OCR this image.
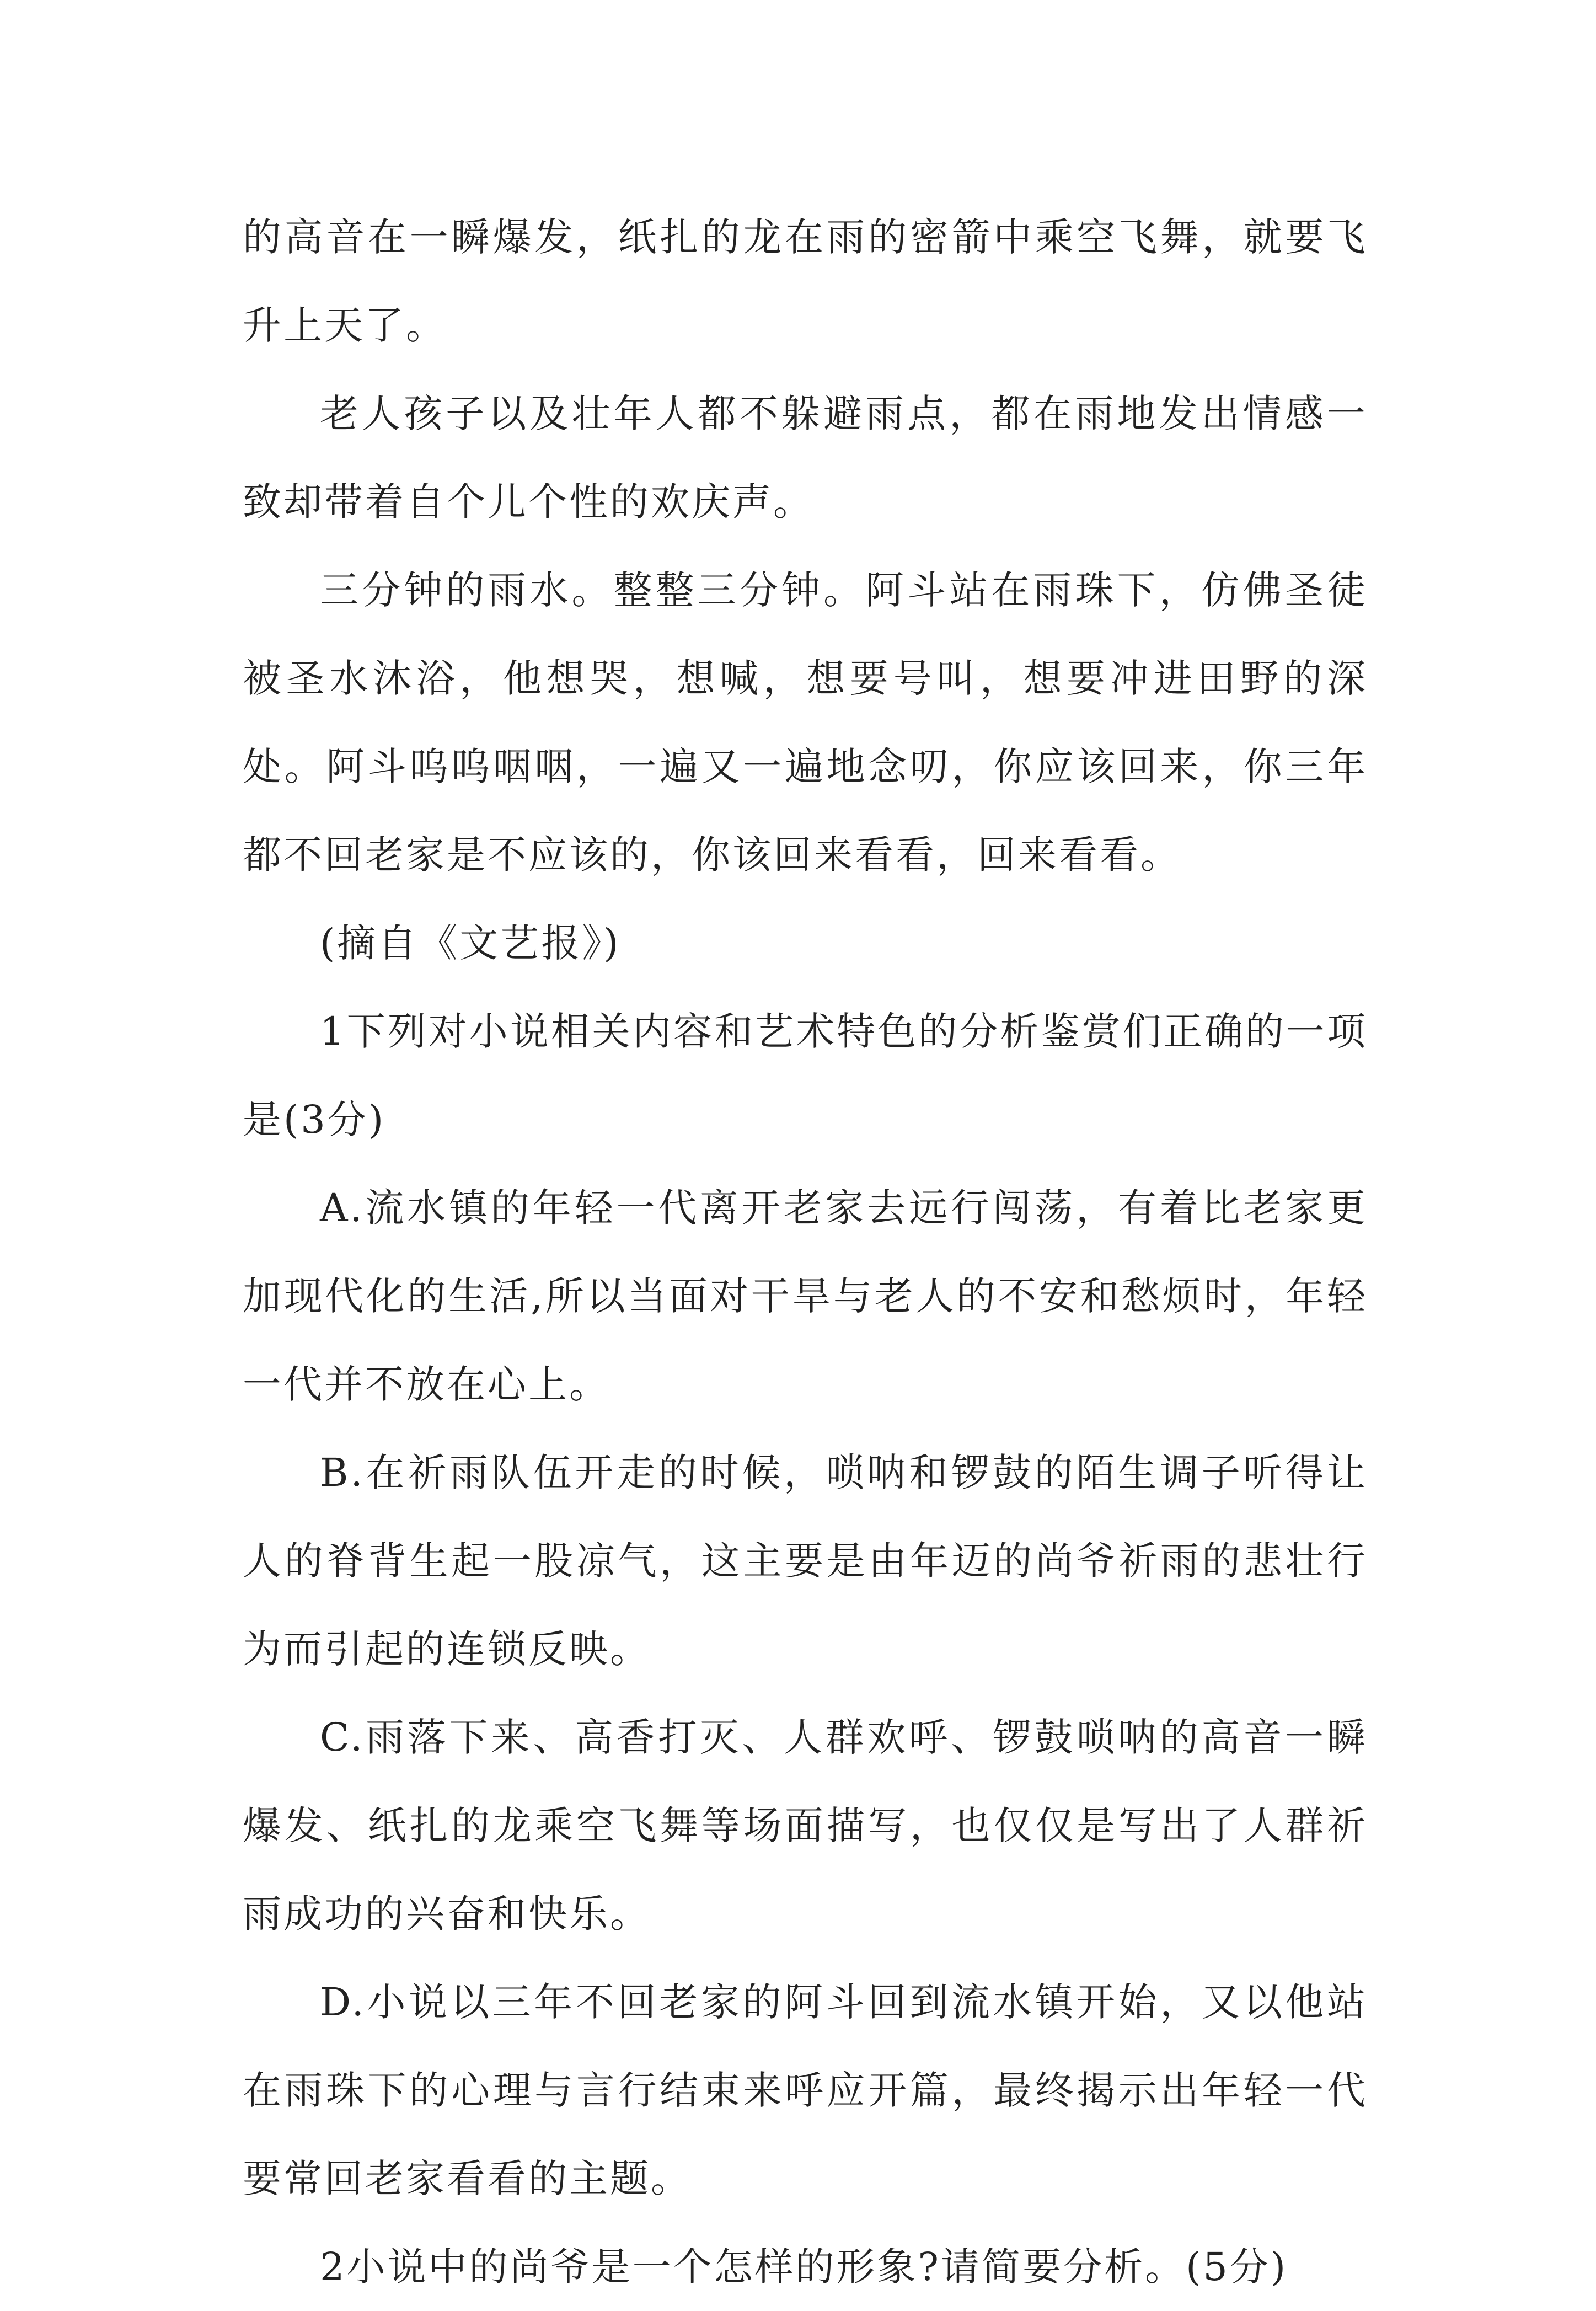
的高音在一瞬爆发，纸扎的龙在雨的密箭中乘空飞舞，就要飞升上天了。

老人孩子以及壮年人都不躲避雨点，都在雨地发出情感一致却带着自个儿个性的欢庆声。

三分钟的雨水。整整三分钟。阿斗站在雨珠下，仿佛圣徒被圣水沐浴，他想哭，想喊，想要号叫，想要冲进田野的深处。阿斗呜呜咽咽，一遍又一遍地念叨，你应该回来，你三年都不回老家是不应该的，你该回来看看，回来看看。

(摘自《文艺报》)

1下列对小说相关内容和艺术特色的分析鉴赏们正确的一项是(3分)

A.流水镇的年轻一代离开老家去远行闯荡，有着比老家更加现代化的生活,所以当面对干旱与老人的不安和愁烦时，年轻一代并不放在心上。

B.在祈雨队伍开走的时候，唢呐和锣鼓的陌生调子听得让人的脊背生起一股凉气，这主要是由年迈的尚爷祈雨的悲壮行为而引起的连锁反映。

C.雨落下来、高香打灭、人群欢呼、锣鼓唢呐的高音一瞬爆发、纸扎的龙乘空飞舞等场面描写，也仅仅是写出了人群祈雨成功的兴奋和快乐。

D.小说以三年不回老家的阿斗回到流水镇开始，又以他站在雨珠下的心理与言行结束来呼应开篇，最终揭示出年轻一代要常回老家看看的主题。

2小说中的尚爷是一个怎样的形象?请简要分析。(5分)
